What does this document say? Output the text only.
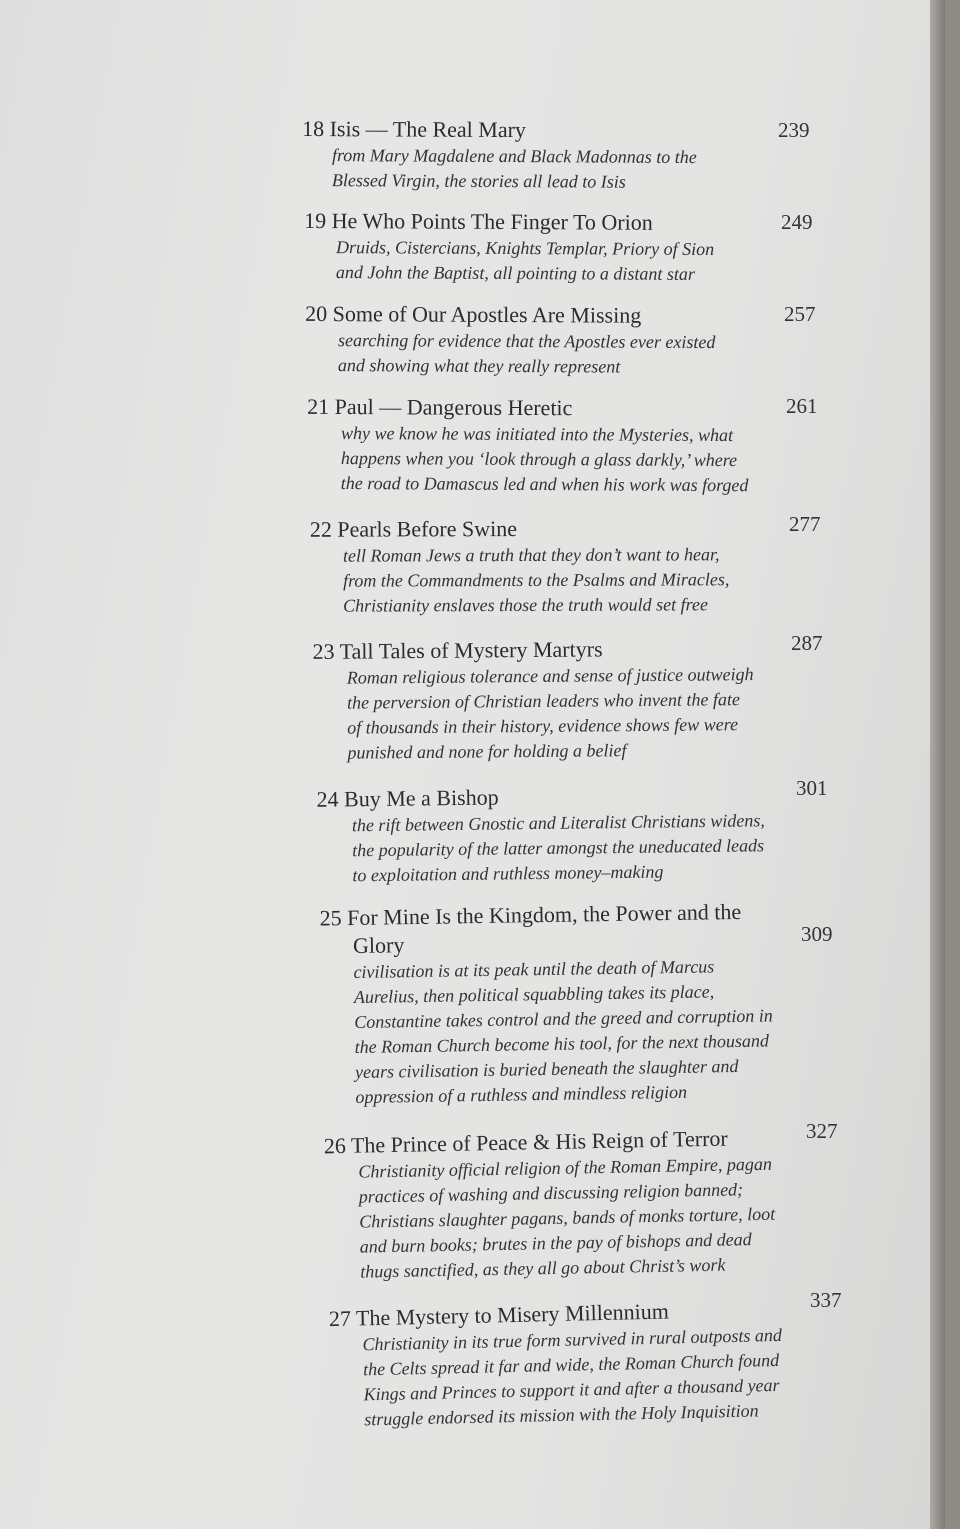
18 Isis — The Real Mary
from Mary Magdalene and Black Madonnas to the
Blessed Virgin, the stories all lead to Isis
239
19 He Who Points The Finger To Orion
Druids, Cistercians, Knights Templar, Priory of Sion
and John the Baptist, all pointing to a distant star
249
20 Some of Our Apostles Are Missing
searching for evidence that the Apostles ever existed
and showing what they really represent
257
21 Paul — Dangerous Heretic
why we know he was initiated into the Mysteries, what
happens when you ‘look through a glass darkly,’ where
the road to Damascus led and when his work was forged
261
22 Pearls Before Swine
tell Roman Jews a truth that they don’t want to hear,
from the Commandments to the Psalms and Miracles,
Christianity enslaves those the truth would set free
277
23 Tall Tales of Mystery Martyrs
Roman religious tolerance and sense of justice outweigh
the perversion of Christian leaders who invent the fate
of thousands in their history, evidence shows few were
punished and none for holding a belief
287
24 Buy Me a Bishop
the rift between Gnostic and Literalist Christians widens,
the popularity of the latter amongst the uneducated leads
to exploitation and ruthless money–making
301
25 For Mine Is the Kingdom, the Power and the
Glory
civilisation is at its peak until the death of Marcus
Aurelius, then political squabbling takes its place,
Constantine takes control and the greed and corruption in
the Roman Church become his tool, for the next thousand
years civilisation is buried beneath the slaughter and
oppression of a ruthless and mindless religion
309
26 The Prince of Peace & His Reign of Terror
Christianity official religion of the Roman Empire, pagan
practices of washing and discussing religion banned;
Christians slaughter pagans, bands of monks torture, loot
and burn books; brutes in the pay of bishops and dead
thugs sanctified, as they all go about Christ’s work
327
27 The Mystery to Misery Millennium
Christianity in its true form survived in rural outposts and
the Celts spread it far and wide, the Roman Church found
Kings and Princes to support it and after a thousand year
struggle endorsed its mission with the Holy Inquisition
337
